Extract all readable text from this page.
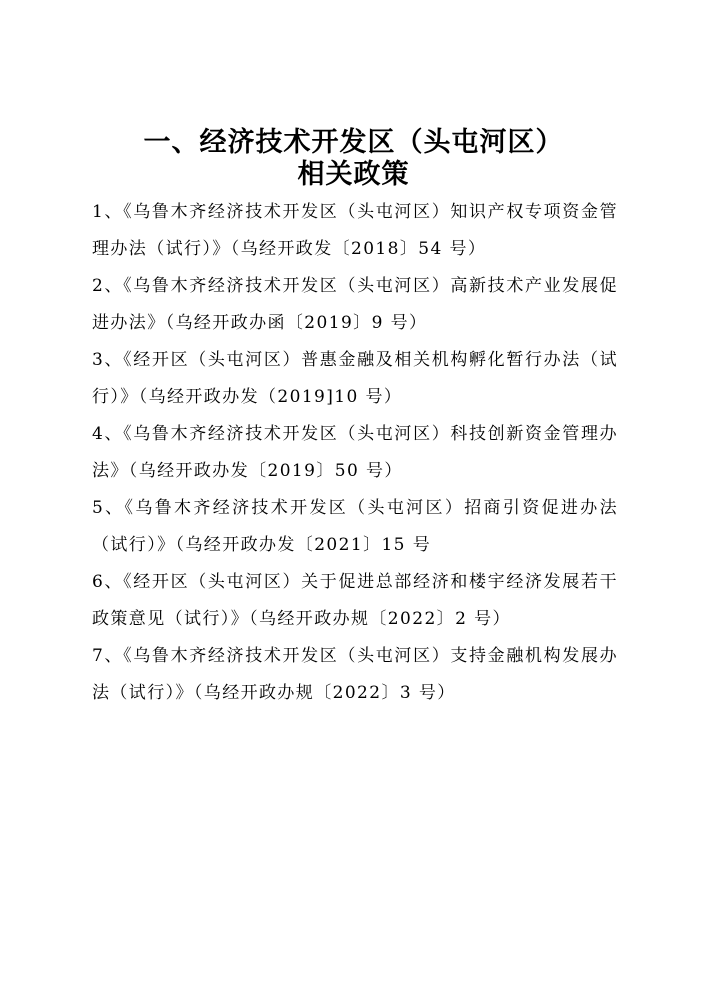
一、经济技术开发区（头屯河区）
相关政策
1、《乌鲁木齐经济技术开发区（头屯河区）知识产权专项资金管理办法（试行）》（乌经开政发〔2018〕54 号）
2、《乌鲁木齐经济技术开发区（头屯河区）高新技术产业发展促进办法》（乌经开政办函〔2019〕9 号）
3、《经开区（头屯河区）普惠金融及相关机构孵化暂行办法（试行）》（乌经开政办发（2019]10 号）
4、《乌鲁木齐经济技术开发区（头屯河区）科技创新资金管理办法》（乌经开政办发〔2019〕50 号）
5、《乌鲁木齐经济技术开发区（头屯河区）招商引资促进办法（试行）》（乌经开政办发〔2021〕15 号
6、《经开区（头屯河区）关于促进总部经济和楼宇经济发展若干政策意见（试行）》（乌经开政办规〔2022〕2 号）
7、《乌鲁木齐经济技术开发区（头屯河区）支持金融机构发展办法（试行）》（乌经开政办规〔2022〕3 号）
